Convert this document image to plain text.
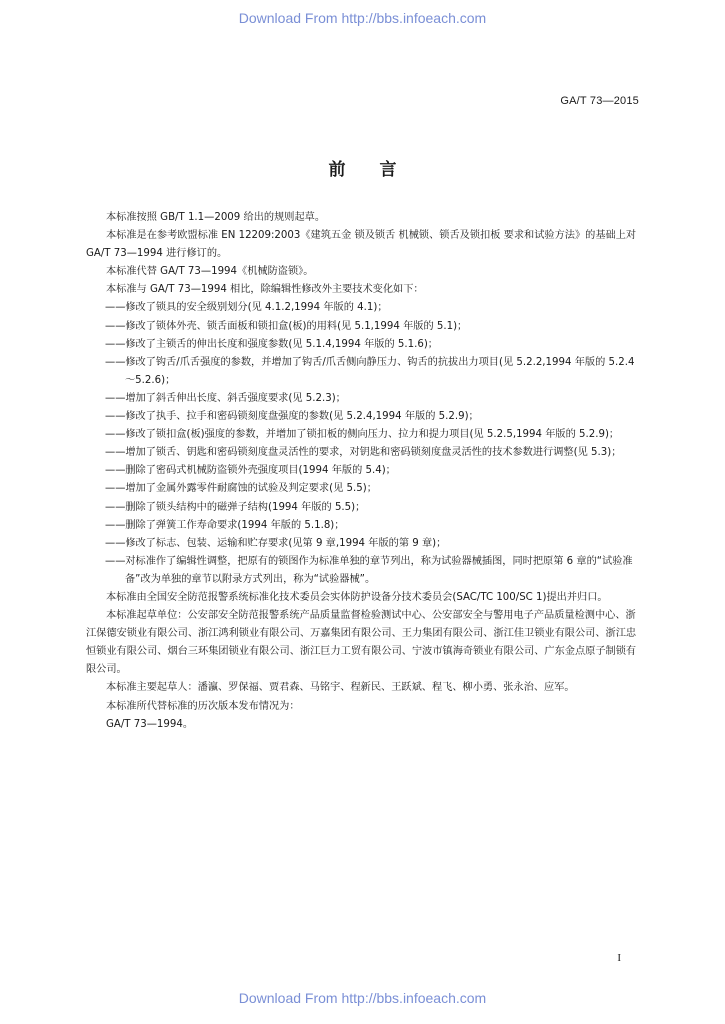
Download From http://bbs.infoeach.com
GA/T 73—2015
前言

本标准按照 GB/T 1.1—2009 给出的规则起草。

本标准是在参考欧盟标准 EN 12209:2003《建筑五金 锁及锁舌 机械锁、锁舌及锁扣板 要求和试验方法》的基础上对 GA/T 73—1994 进行修订的。

本标准代替 GA/T 73—1994《机械防盗锁》。

本标准与 GA/T 73—1994 相比，除编辑性修改外主要技术变化如下：

——修改了锁具的安全级别划分(见 4.1.2,1994 年版的 4.1)；

——修改了锁体外壳、锁舌面板和锁扣盒(板)的用料(见 5.1,1994 年版的 5.1)；

——修改了主锁舌的伸出长度和强度参数(见 5.1.4,1994 年版的 5.1.6)；

——修改了钩舌/爪舌强度的参数，并增加了钩舌/爪舌侧向静压力、钩舌的抗拔出力项目(见 5.2.2,1994 年版的 5.2.4～5.2.6)；

——增加了斜舌伸出长度、斜舌强度要求(见 5.2.3)；

——修改了执手、拉手和密码锁刻度盘强度的参数(见 5.2.4,1994 年版的 5.2.9)；

——修改了锁扣盒(板)强度的参数，并增加了锁扣板的侧向压力、拉力和提力项目(见 5.2.5,1994 年版的 5.2.9)；

——增加了锁舌、钥匙和密码锁刻度盘灵活性的要求，对钥匙和密码锁刻度盘灵活性的技术参数进行调整(见 5.3)；

——删除了密码式机械防盗锁外壳强度项目(1994 年版的 5.4)；

——增加了金属外露零件耐腐蚀的试验及判定要求(见 5.5)；

——删除了锁头结构中的磁弹子结构(1994 年版的 5.5)；

——删除了弹簧工作寿命要求(1994 年版的 5.1.8)；

——修改了标志、包装、运输和贮存要求(见第 9 章,1994 年版的第 9 章)；

——对标准作了编辑性调整，把原有的锁图作为标准单独的章节列出，称为试验器械插图，同时把原第 6 章的“试验准备”改为单独的章节以附录方式列出，称为“试验器械”。

本标准由全国安全防范报警系统标准化技术委员会实体防护设备分技术委员会(SAC/TC 100/SC 1)提出并归口。

本标准起草单位：公安部安全防范报警系统产品质量监督检验测试中心、公安部安全与警用电子产品质量检测中心、浙江保德安锁业有限公司、浙江鸿利锁业有限公司、万嘉集团有限公司、王力集团有限公司、浙江佳卫锁业有限公司、浙江忠恒锁业有限公司、烟台三环集团锁业有限公司、浙江巨力工贸有限公司、宁波市镇海奇锁业有限公司、广东金点原子制锁有限公司。

本标准主要起草人：潘瀛、罗保福、贾君森、马铭宇、程新民、王跃斌、程飞、柳小勇、张永治、应军。

本标准所代替标准的历次版本发布情况为：

GA/T 73—1994。

I
Download From http://bbs.infoeach.com
